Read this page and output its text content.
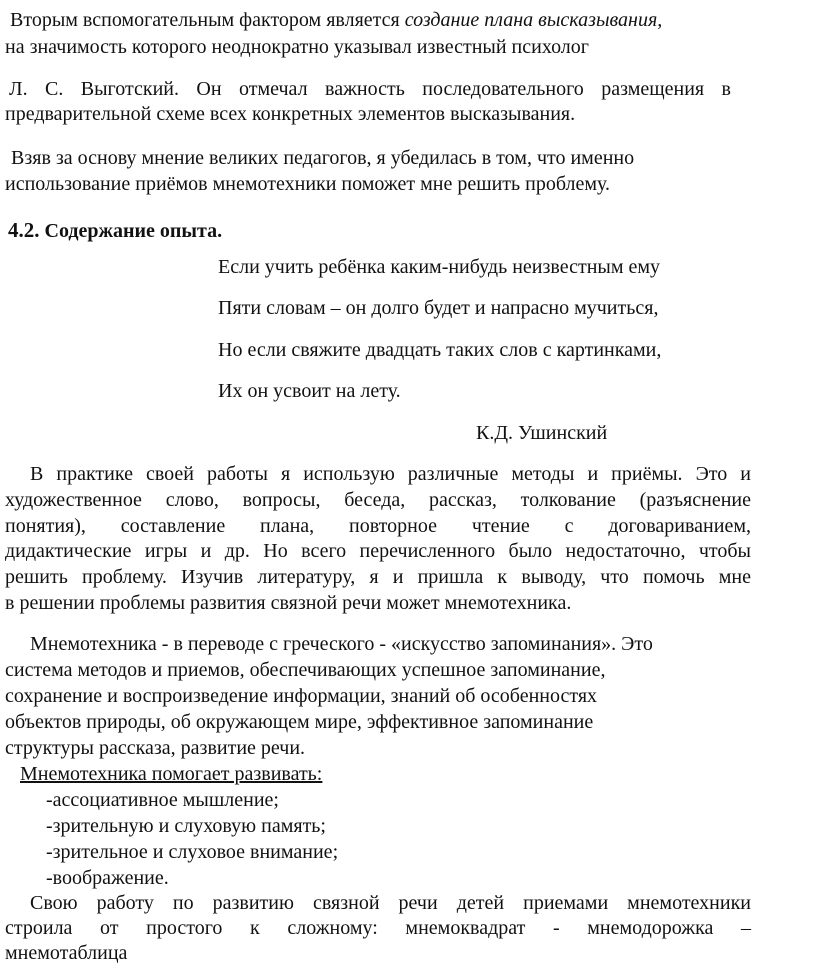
Вторым вспомогательным фактором является создание плана высказывания,
на значимость которого неоднократно указывал известный психолог
Л. С. Выготский. Он отмечал важность последовательного размещения в
предварительной схеме всех конкретных элементов высказывания.
Взяв за основу мнение великих педагогов, я убедилась в том, что именно
использование приёмов мнемотехники поможет мне решить проблему.
4.2. Содержание опыта.
Если учить ребёнка каким-нибудь неизвестным ему
Пяти словам – он долго будет и напрасно мучиться,
Но если свяжите двадцать таких слов с картинками,
Их он усвоит на лету.
К.Д. Ушинский
В практике своей работы я использую различные методы и приёмы. Это и
художественное слово, вопросы, беседа, рассказ, толкование (разъяснение
понятия), составление плана, повторное чтение с договариванием,
дидактические игры и др. Но всего перечисленного было недостаточно, чтобы
решить проблему. Изучив литературу, я и пришла к выводу, что помочь мне
в решении проблемы развития связной речи может мнемотехника.
Мнемотехника - в переводе с греческого - «искусство запоминания». Это
система методов и приемов, обеспечивающих успешное запоминание,
сохранение и воспроизведение информации, знаний об особенностях
объектов природы, об окружающем мире, эффективное запоминание
структуры рассказа, развитие речи.
Мнемотехника помогает развивать:
-ассоциативное мышление;
-зрительную и слуховую память;
-зрительное и слуховое внимание;
-воображение.
Свою работу по развитию связной речи детей приемами мнемотехники
строила от простого к сложному: мнемоквадрат - мнемодорожка –
мнемотаблица
